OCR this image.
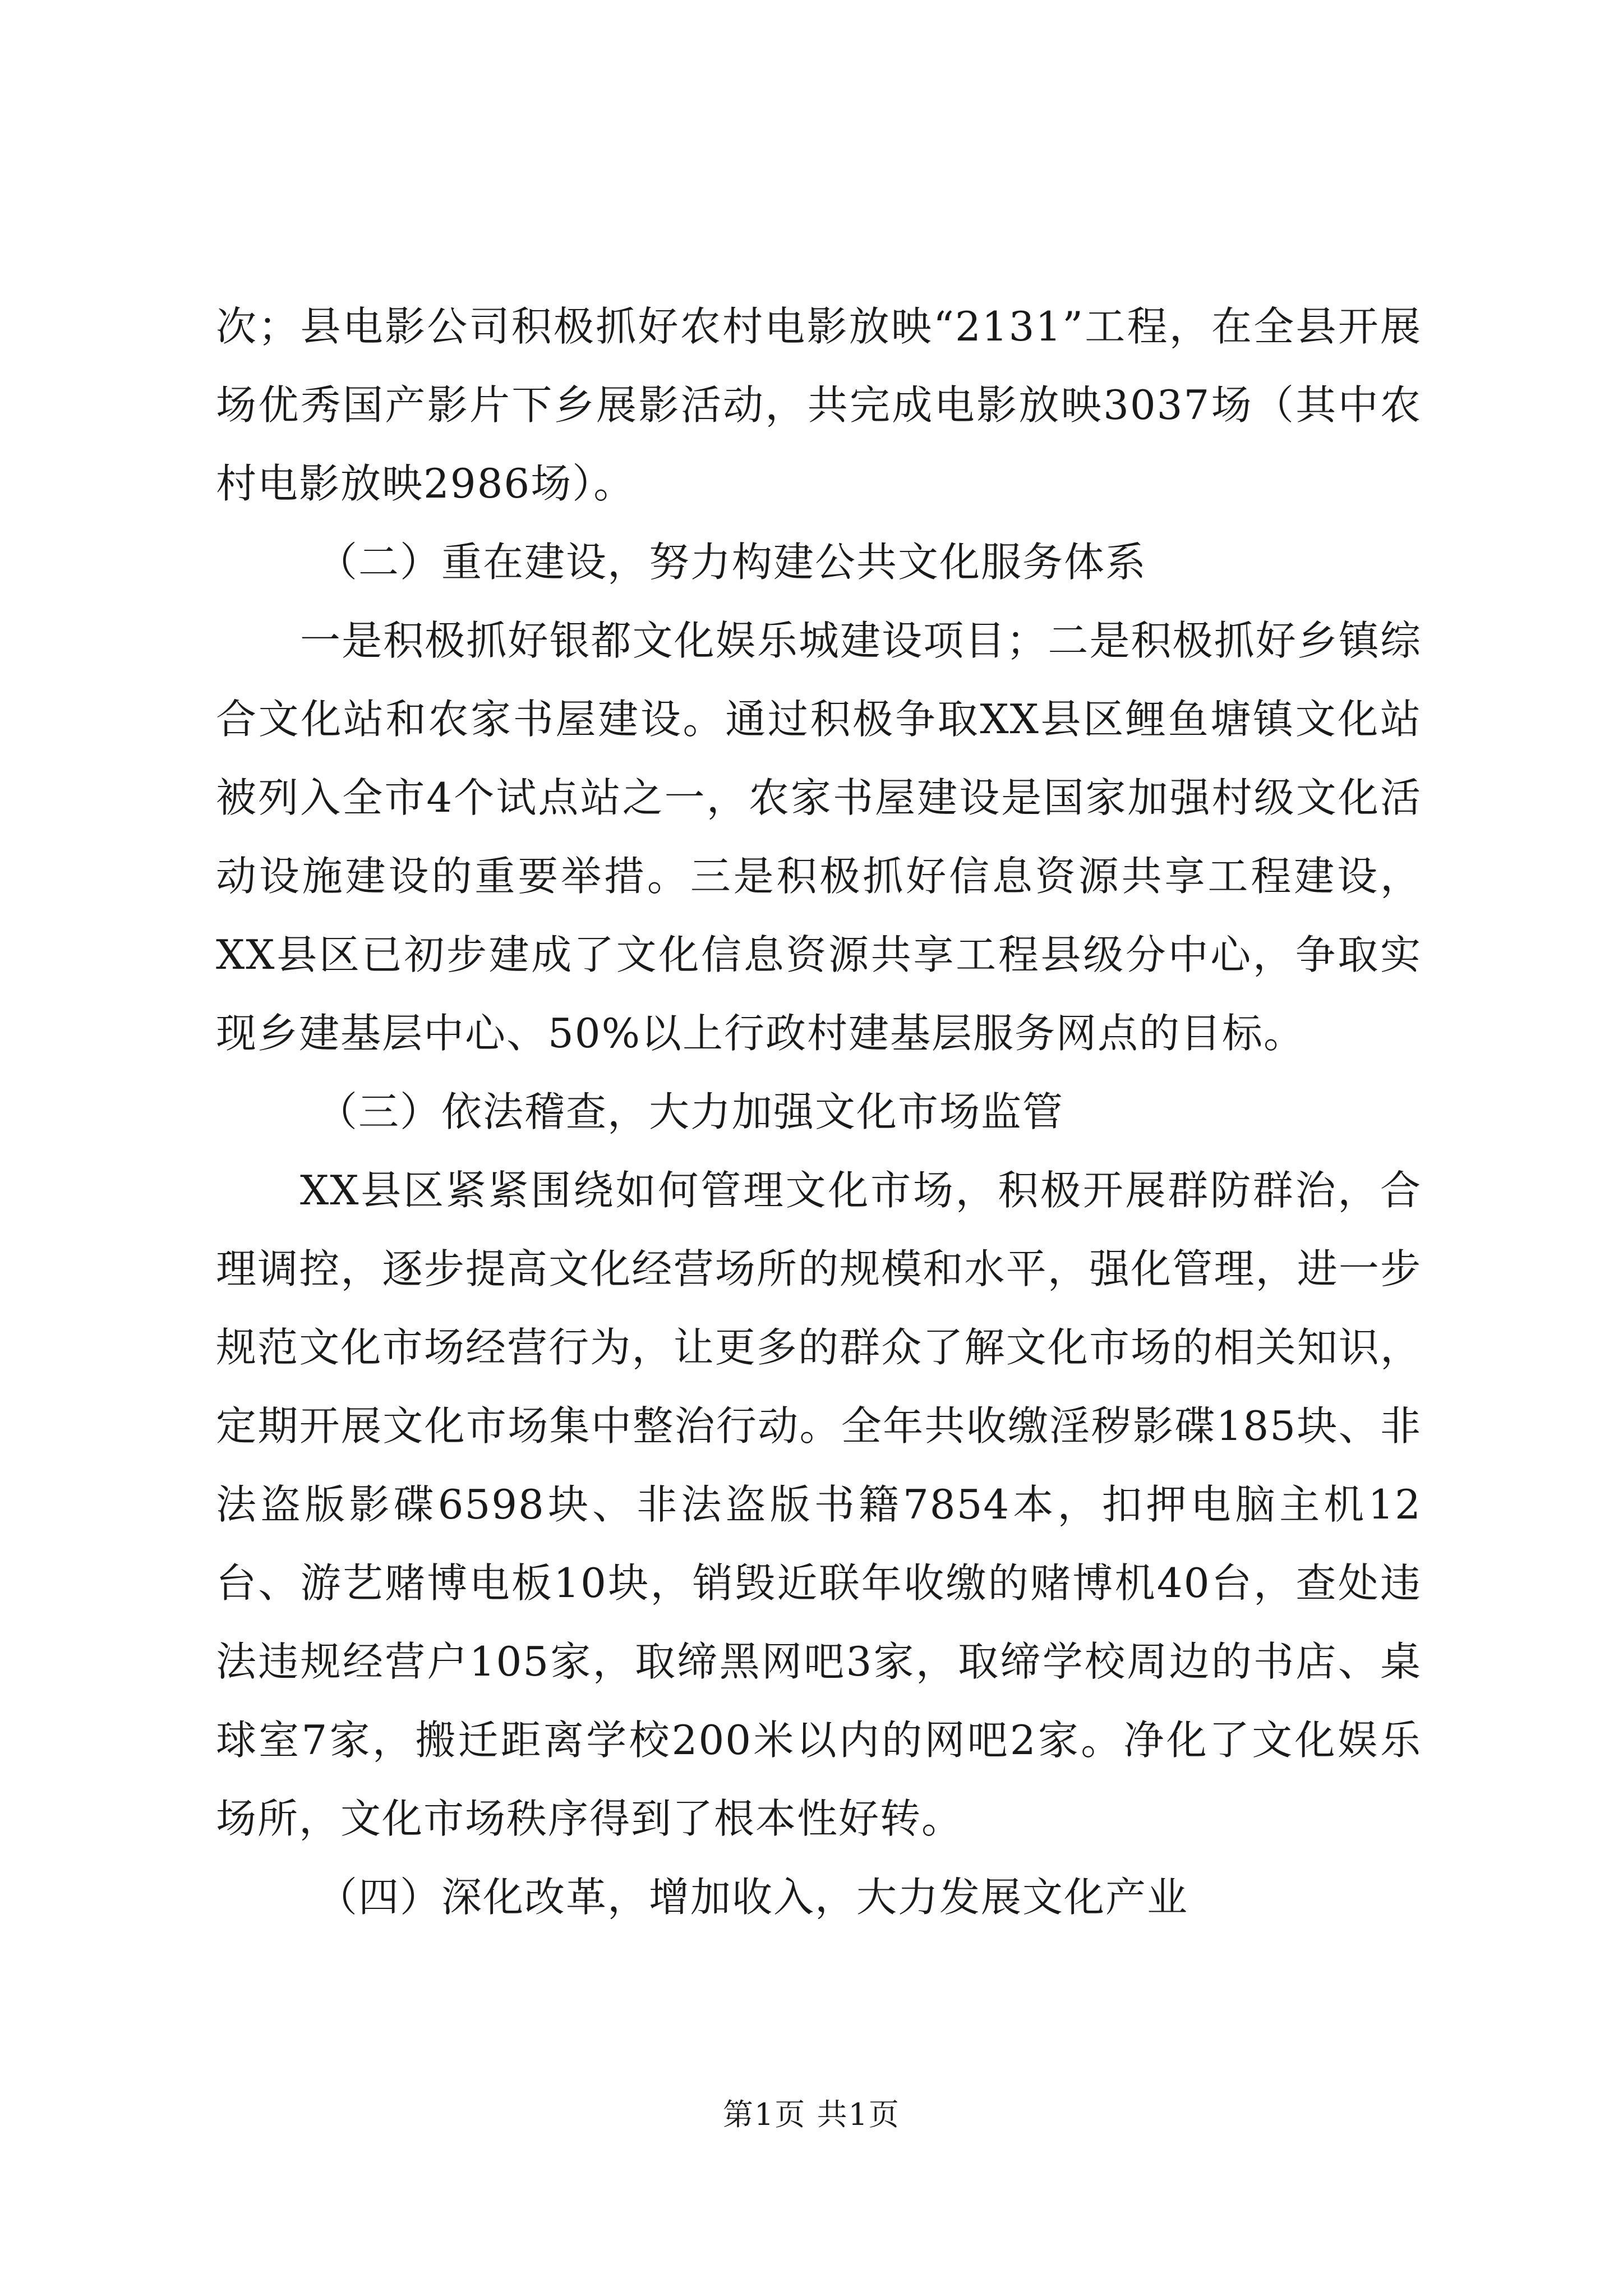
次；县电影公司积极抓好农村电影放映“2131”工程，在全县开展场优秀国产影片下乡展影活动，共完成电影放映3037场（其中农村电影放映2986场）。

（二）重在建设，努力构建公共文化服务体系

一是积极抓好银都文化娱乐城建设项目；二是积极抓好乡镇综合文化站和农家书屋建设。通过积极争取XX县区鲤鱼塘镇文化站被列入全市4个试点站之一，农家书屋建设是国家加强村级文化活动设施建设的重要举措。三是积极抓好信息资源共享工程建设，XX县区已初步建成了文化信息资源共享工程县级分中心，争取实现乡建基层中心、50%以上行政村建基层服务网点的目标。

（三）依法稽查，大力加强文化市场监管

XX县区紧紧围绕如何管理文化市场，积极开展群防群治，合理调控，逐步提高文化经营场所的规模和水平，强化管理，进一步规范文化市场经营行为，让更多的群众了解文化市场的相关知识，定期开展文化市场集中整治行动。全年共收缴淫秽影碟185块、非法盗版影碟6598块、非法盗版书籍7854本，扣押电脑主机12台、游艺赌博电板10块，销毁近联年收缴的赌博机40台，查处违法违规经营户105家，取缔黑网吧3家，取缔学校周边的书店、桌球室7家，搬迁距离学校200米以内的网吧2家。净化了文化娱乐场所，文化市场秩序得到了根本性好转。

（四）深化改革，增加收入，大力发展文化产业

第1页 共1页
